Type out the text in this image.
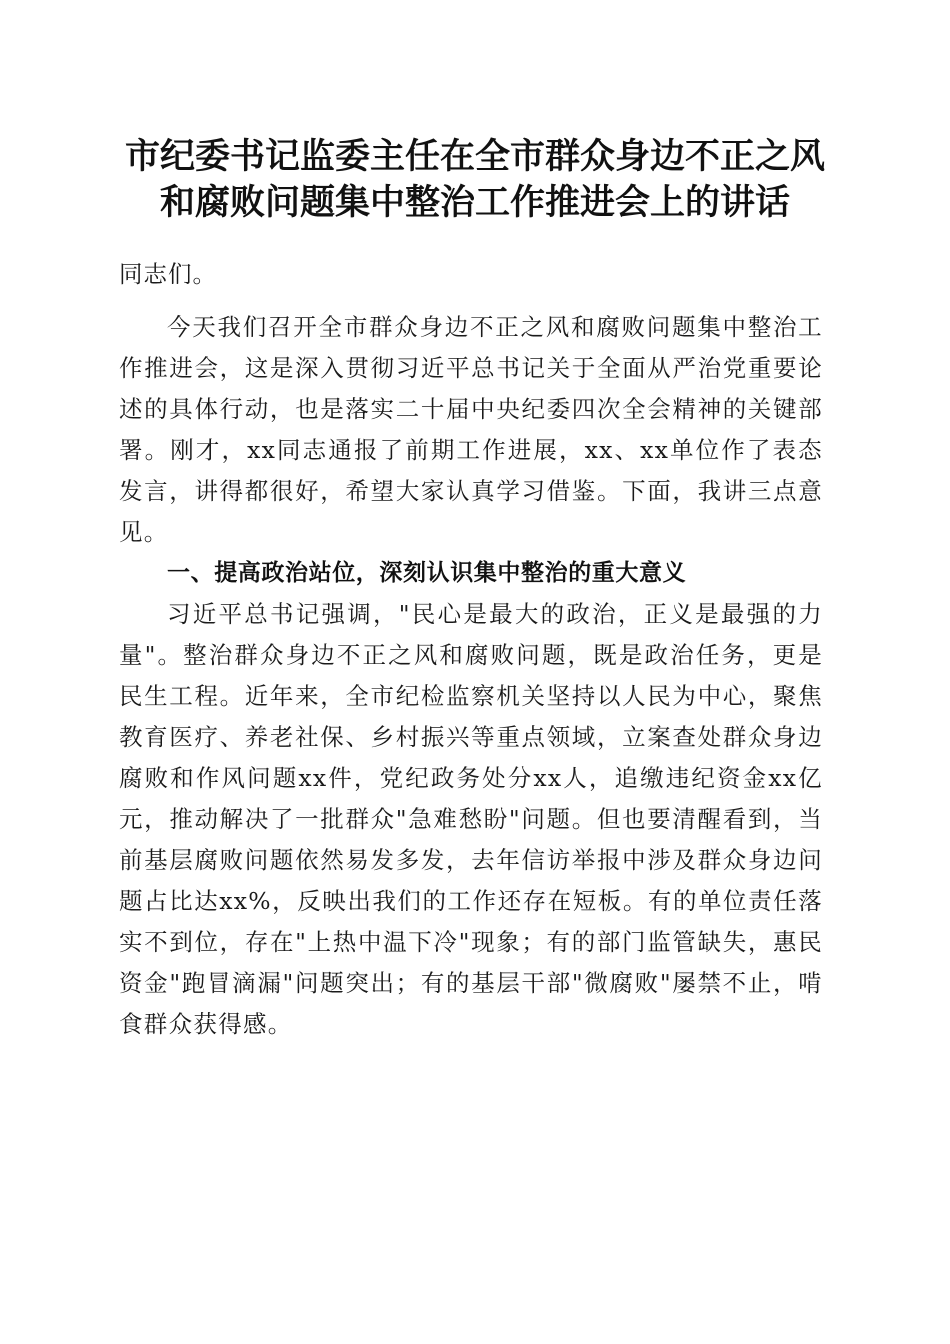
市纪委书记监委主任在全市群众身边不正之风
和腐败问题集中整治工作推进会上的讲话

同志们。

今天我们召开全市群众身边不正之风和腐败问题集中整治工作推进会，这是深入贯彻习近平总书记关于全面从严治党重要论述的具体行动，也是落实二十届中央纪委四次全会精神的关键部署。刚才，xx同志通报了前期工作进展，xx、xx单位作了表态发言，讲得都很好，希望大家认真学习借鉴。下面，我讲三点意见。

一、提高政治站位，深刻认识集中整治的重大意义

习近平总书记强调，"民心是最大的政治，正义是最强的力量"。整治群众身边不正之风和腐败问题，既是政治任务，更是民生工程。近年来，全市纪检监察机关坚持以人民为中心，聚焦教育医疗、养老社保、乡村振兴等重点领域，立案查处群众身边腐败和作风问题xx件，党纪政务处分xx人，追缴违纪资金xx亿元，推动解决了一批群众"急难愁盼"问题。但也要清醒看到，当前基层腐败问题依然易发多发，去年信访举报中涉及群众身边问题占比达xx%，反映出我们的工作还存在短板。有的单位责任落实不到位，存在"上热中温下冷"现象；有的部门监管缺失，惠民资金"跑冒滴漏"问题突出；有的基层干部"微腐败"屡禁不止，啃食群众获得感。
